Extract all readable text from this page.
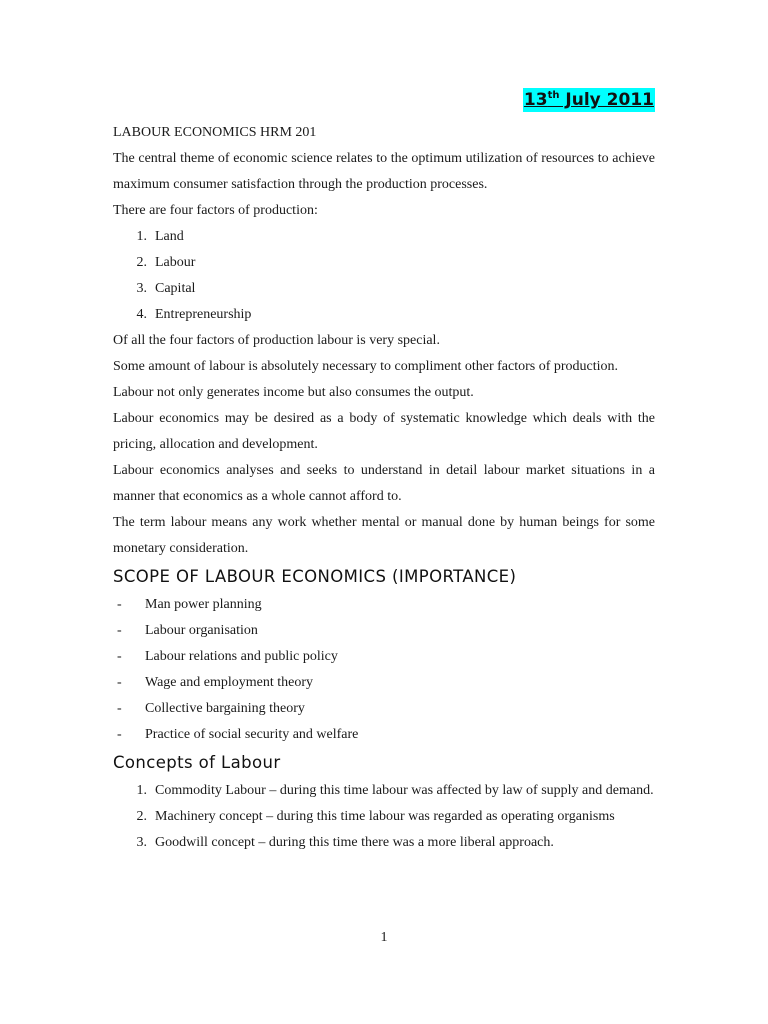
13th July 2011

LABOUR ECONOMICS HRM 201

The central theme of economic science relates to the optimum utilization of resources to achieve maximum consumer satisfaction through the production processes.

There are four factors of production:

1. Land
2. Labour
3. Capital
4. Entrepreneurship

Of all the four factors of production labour is very special.

Some amount of labour is absolutely necessary to compliment other factors of production.

Labour not only generates income but also consumes the output.

Labour economics may be desired as a body of systematic knowledge which deals with the pricing, allocation and development.

Labour economics analyses and seeks to understand in detail labour market situations in a manner that economics as a whole cannot afford to.

The term labour means any work whether mental or manual done by human beings for some monetary consideration.

SCOPE OF LABOUR ECONOMICS (IMPORTANCE)
-	Man power planning
-	Labour organisation
-	Labour relations and public policy
-	Wage and employment theory
-	Collective bargaining theory
-	Practice of social security and welfare
Concepts of Labour
1. Commodity Labour – during this time labour was affected by law of supply and demand.
2. Machinery concept – during this time labour was regarded as operating organisms
3. Goodwill concept – during this time there was a more liberal approach.
1
